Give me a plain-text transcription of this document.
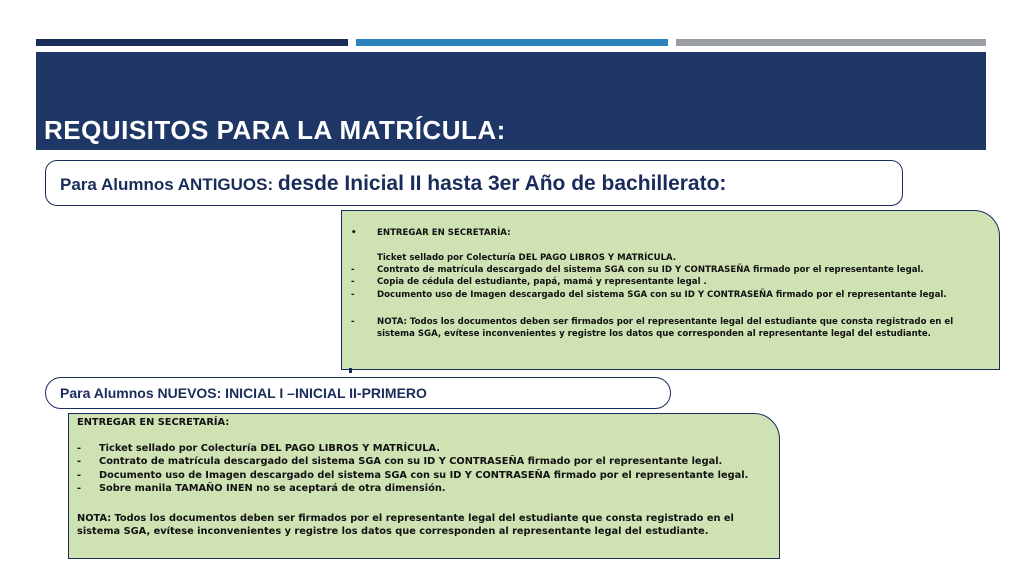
REQUISITOS PARA LA MATRÍCULA:
Para Alumnos ANTIGUOS: desde Inicial II hasta 3er Año de bachillerato:
• ENTREGAR EN SECRETARÍA:
Ticket sellado por Colecturía DEL PAGO LIBROS Y MATRÍCULA.
-	Contrato de matrícula descargado del sistema SGA con su ID Y CONTRASEÑA firmado por el representante legal.
-	Copia de cédula del estudiante, papá, mamá y representante legal .
-	Documento uso de Imagen descargado del sistema SGA con su ID Y CONTRASEÑA firmado por el representante legal.
-	NOTA: Todos los documentos deben ser firmados por el representante legal del estudiante que consta registrado en el
sistema SGA, evítese inconvenientes y registre los datos que corresponden al representante legal del estudiante.
Para Alumnos NUEVOS: INICIAL I –INICIAL II-PRIMERO
ENTREGAR EN SECRETARÍA:
- Ticket sellado por Colecturía DEL PAGO LIBROS Y MATRÍCULA.
- Contrato de matrícula descargado del sistema SGA con su ID Y CONTRASEÑA firmado por el representante legal.
- Documento uso de Imagen descargado del sistema SGA con su ID Y CONTRASEÑA firmado por el representante legal.
- Sobre manila TAMAÑO INEN no se aceptará de otra dimensión.
NOTA: Todos los documentos deben ser firmados por el representante legal del estudiante que consta registrado en el
sistema SGA, evítese inconvenientes y registre los datos que corresponden al representante legal del estudiante.
